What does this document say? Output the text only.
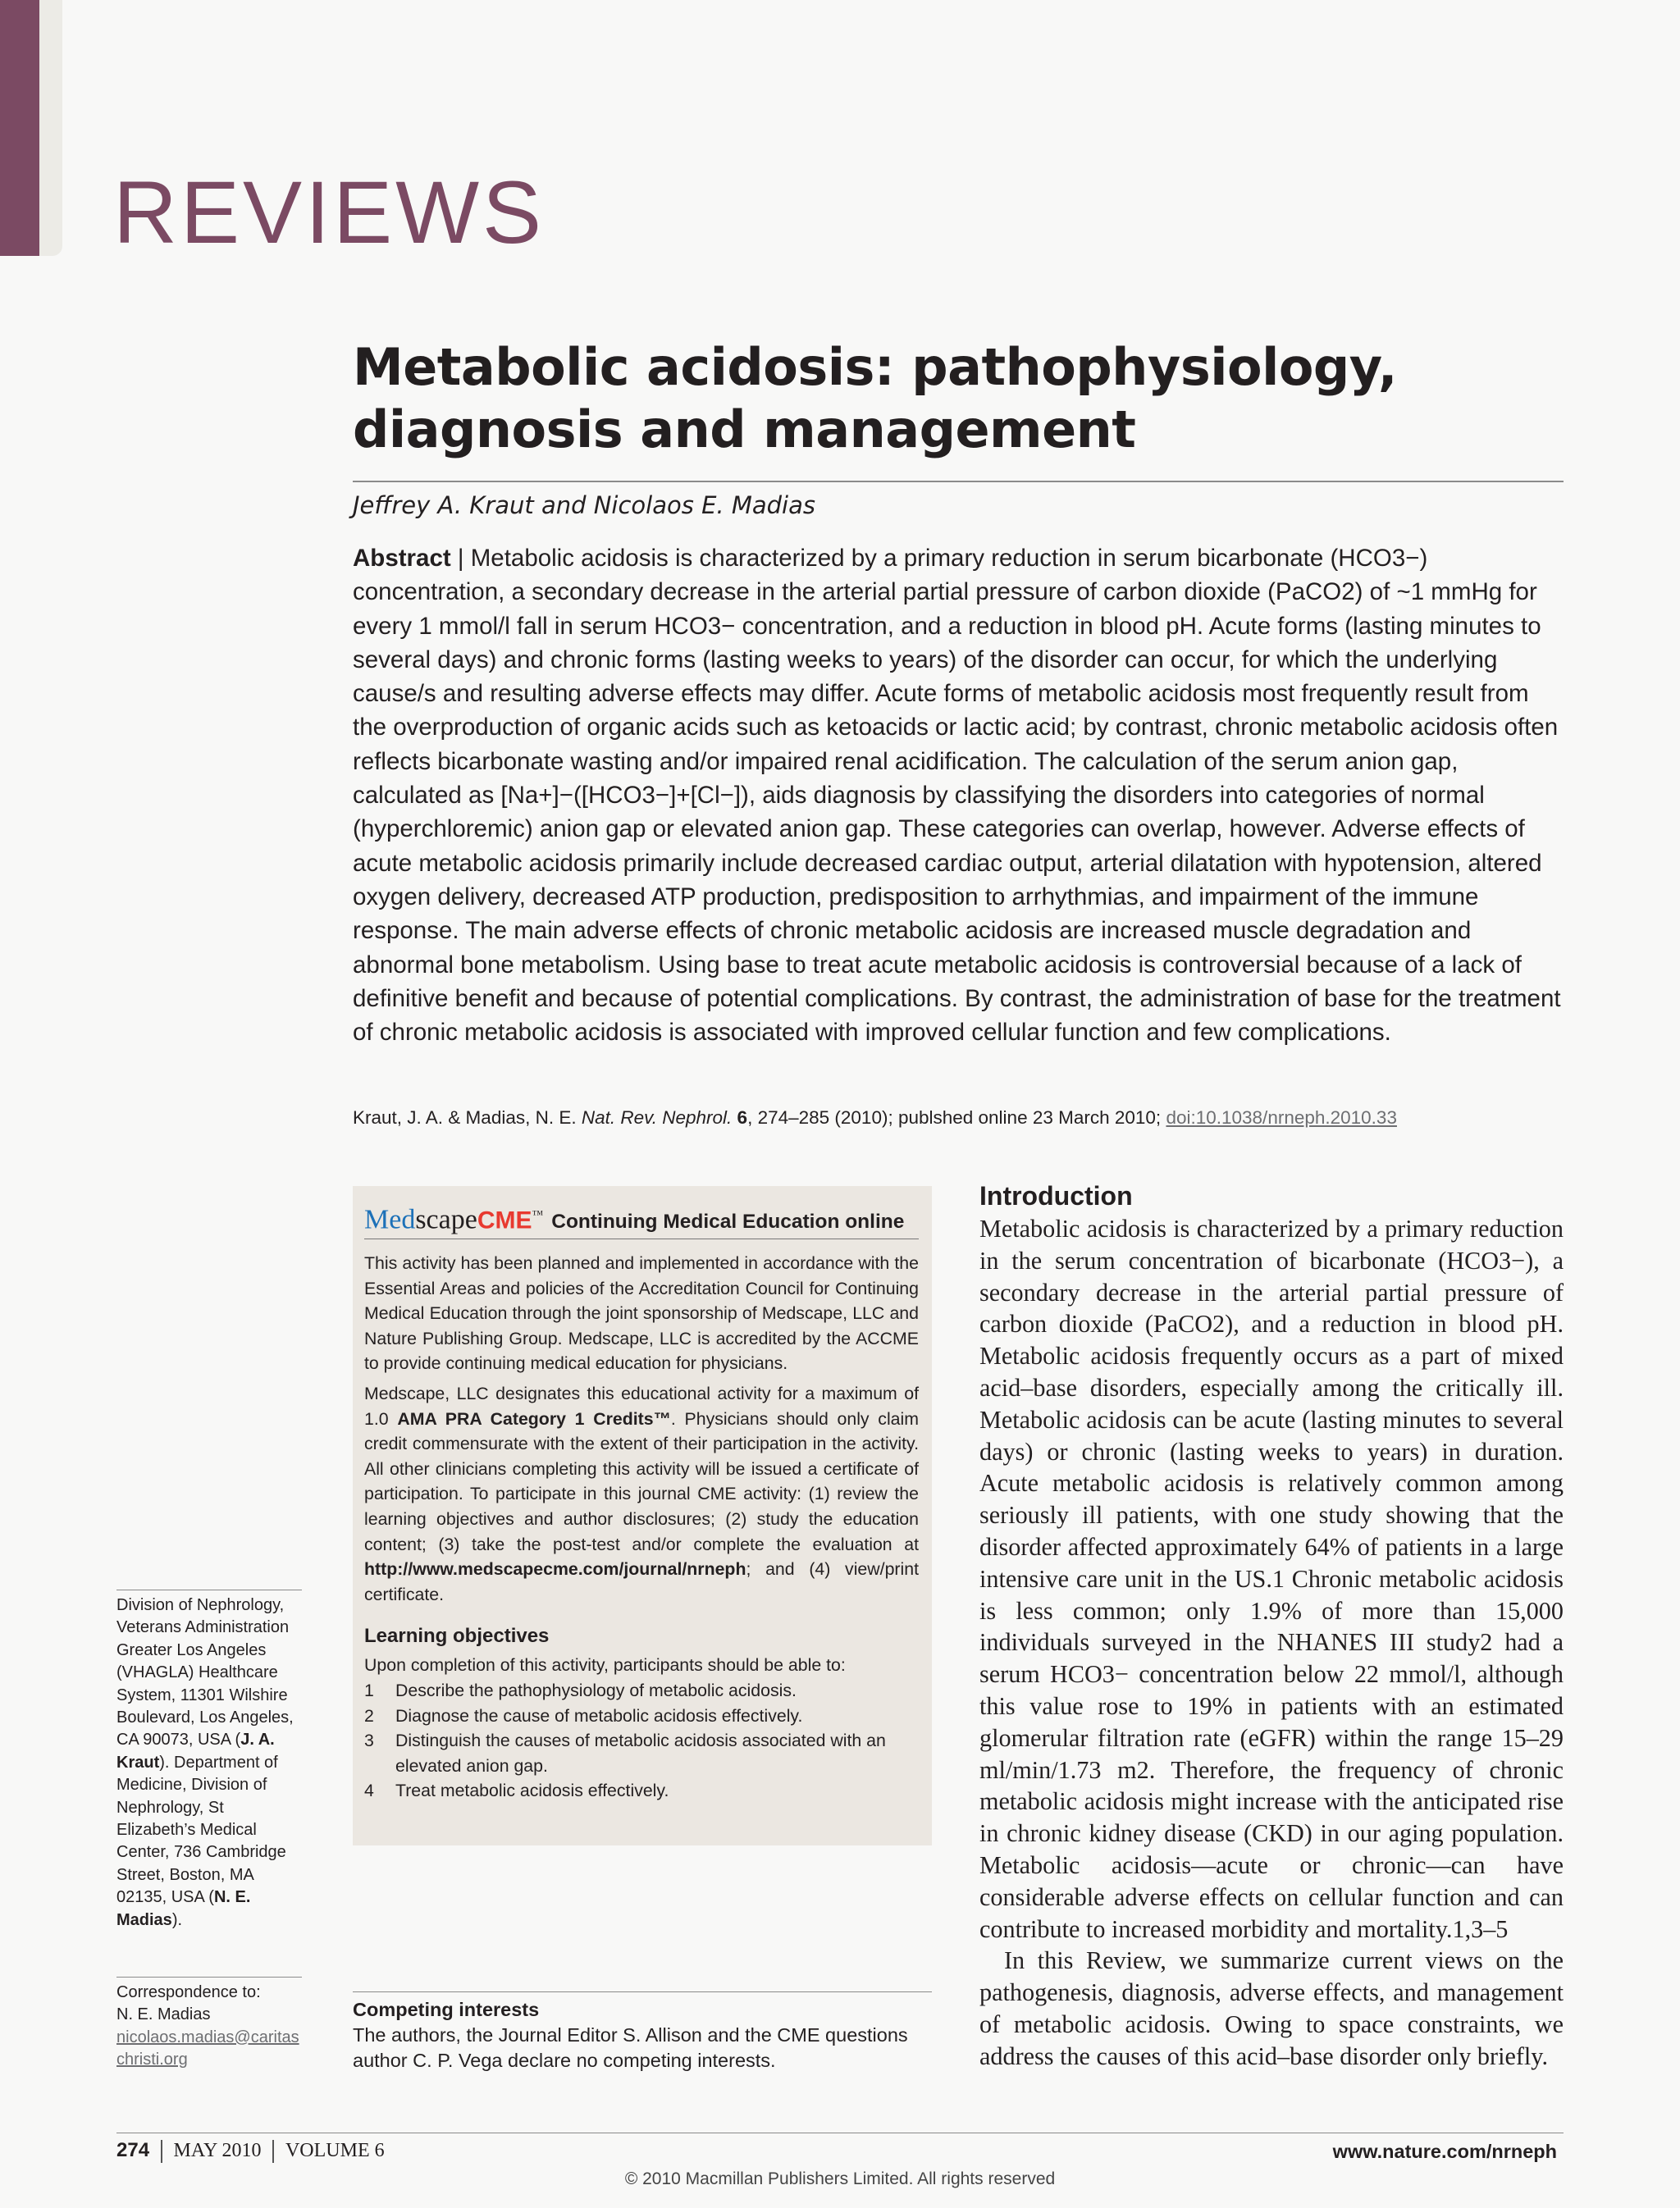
REVIEWS
Metabolic acidosis: pathophysiology, diagnosis and management

Jeffrey A. Kraut and Nicolaos E. Madias

Abstract | Metabolic acidosis is characterized by a primary reduction in serum bicarbonate (HCO3−) concentration, a secondary decrease in the arterial partial pressure of carbon dioxide (PaCO2) of ~1 mmHg for every 1 mmol/l fall in serum HCO3− concentration, and a reduction in blood pH. Acute forms (lasting minutes to several days) and chronic forms (lasting weeks to years) of the disorder can occur, for which the underlying cause/s and resulting adverse effects may differ. Acute forms of metabolic acidosis most frequently result from the overproduction of organic acids such as ketoacids or lactic acid; by contrast, chronic metabolic acidosis often reflects bicarbonate wasting and/or impaired renal acidification. The calculation of the serum anion gap, calculated as [Na+]−([HCO3−]+[Cl−]), aids diagnosis by classifying the disorders into categories of normal (hyperchloremic) anion gap or elevated anion gap. These categories can overlap, however. Adverse effects of acute metabolic acidosis primarily include decreased cardiac output, arterial dilatation with hypotension, altered oxygen delivery, decreased ATP production, predisposition to arrhythmias, and impairment of the immune response. The main adverse effects of chronic metabolic acidosis are increased muscle degradation and abnormal bone metabolism. Using base to treat acute metabolic acidosis is controversial because of a lack of definitive benefit and because of potential complications. By contrast, the administration of base for the treatment of chronic metabolic acidosis is associated with improved cellular function and few complications.

Kraut, J. A. & Madias, N. E. Nat. Rev. Nephrol. 6, 274–285 (2010); publshed online 23 March 2010; doi:10.1038/nrneph.2010.33

MedscapeCME™ Continuing Medical Education online

This activity has been planned and implemented in accordance with the Essential Areas and policies of the Accreditation Council for Continuing Medical Education through the joint sponsorship of Medscape, LLC and Nature Publishing Group. Medscape, LLC is accredited by the ACCME to provide continuing medical education for physicians.

Medscape, LLC designates this educational activity for a maximum of 1.0 AMA PRA Category 1 Credits™. Physicians should only claim credit commensurate with the extent of their participation in the activity. All other clinicians completing this activity will be issued a certificate of participation. To participate in this journal CME activity: (1) review the learning objectives and author disclosures; (2) study the education content; (3) take the post-test and/or complete the evaluation at http://www.medscapecme.com/journal/nrneph; and (4) view/print certificate.

Learning objectives

Upon completion of this activity, participants should be able to:

1	Describe the pathophysiology of metabolic acidosis.
2	Diagnose the cause of metabolic acidosis effectively.
3	Distinguish the causes of metabolic acidosis associated with an elevated anion gap.
4	Treat metabolic acidosis effectively.

Competing interests

The authors, the Journal Editor S. Allison and the CME questions author C. P. Vega declare no competing interests.

Division of Nephrology, Veterans Administration Greater Los Angeles (VHAGLA) Healthcare System, 11301 Wilshire Boulevard, Los Angeles, CA 90073, USA (J. A. Kraut). Department of Medicine, Division of Nephrology, St Elizabeth’s Medical Center, 736 Cambridge Street, Boston, MA 02135, USA (N. E. Madias).

Correspondence to:
N. E. Madias
nicolaos.madias@caritaschristi.org

Introduction

Metabolic acidosis is characterized by a primary reduction in the serum concentration of bicarbonate (HCO3−), a secondary decrease in the arterial partial pressure of carbon dioxide (PaCO2), and a reduction in blood pH. Metabolic acidosis frequently occurs as a part of mixed acid–base disorders, especially among the critically ill. Metabolic acidosis can be acute (lasting minutes to several days) or chronic (lasting weeks to years) in duration. Acute metabolic acidosis is relatively common among seriously ill patients, with one study showing that the disorder affected approximately 64% of patients in a large intensive care unit in the US.1 Chronic metabolic acidosis is less common; only 1.9% of more than 15,000 individuals surveyed in the NHANES III study2 had a serum HCO3− concentration below 22 mmol/l, although this value rose to 19% in patients with an estimated glomerular filtration rate (eGFR) within the range 15–29 ml/min/1.73 m2. Therefore, the frequency of chronic metabolic acidosis might increase with the anticipated rise in chronic kidney disease (CKD) in our aging population. Metabolic acidosis—acute or chronic—can have considerable adverse effects on cellular function and can contribute to increased morbidity and mortality.1,3–5

In this Review, we summarize current views on the pathogenesis, diagnosis, adverse effects, and management of metabolic acidosis. Owing to space constraints, we address the causes of this acid–base disorder only briefly.

274 MAY 2010 VOLUME 6	www.nature.com/nrneph

© 2010 Macmillan Publishers Limited. All rights reserved
